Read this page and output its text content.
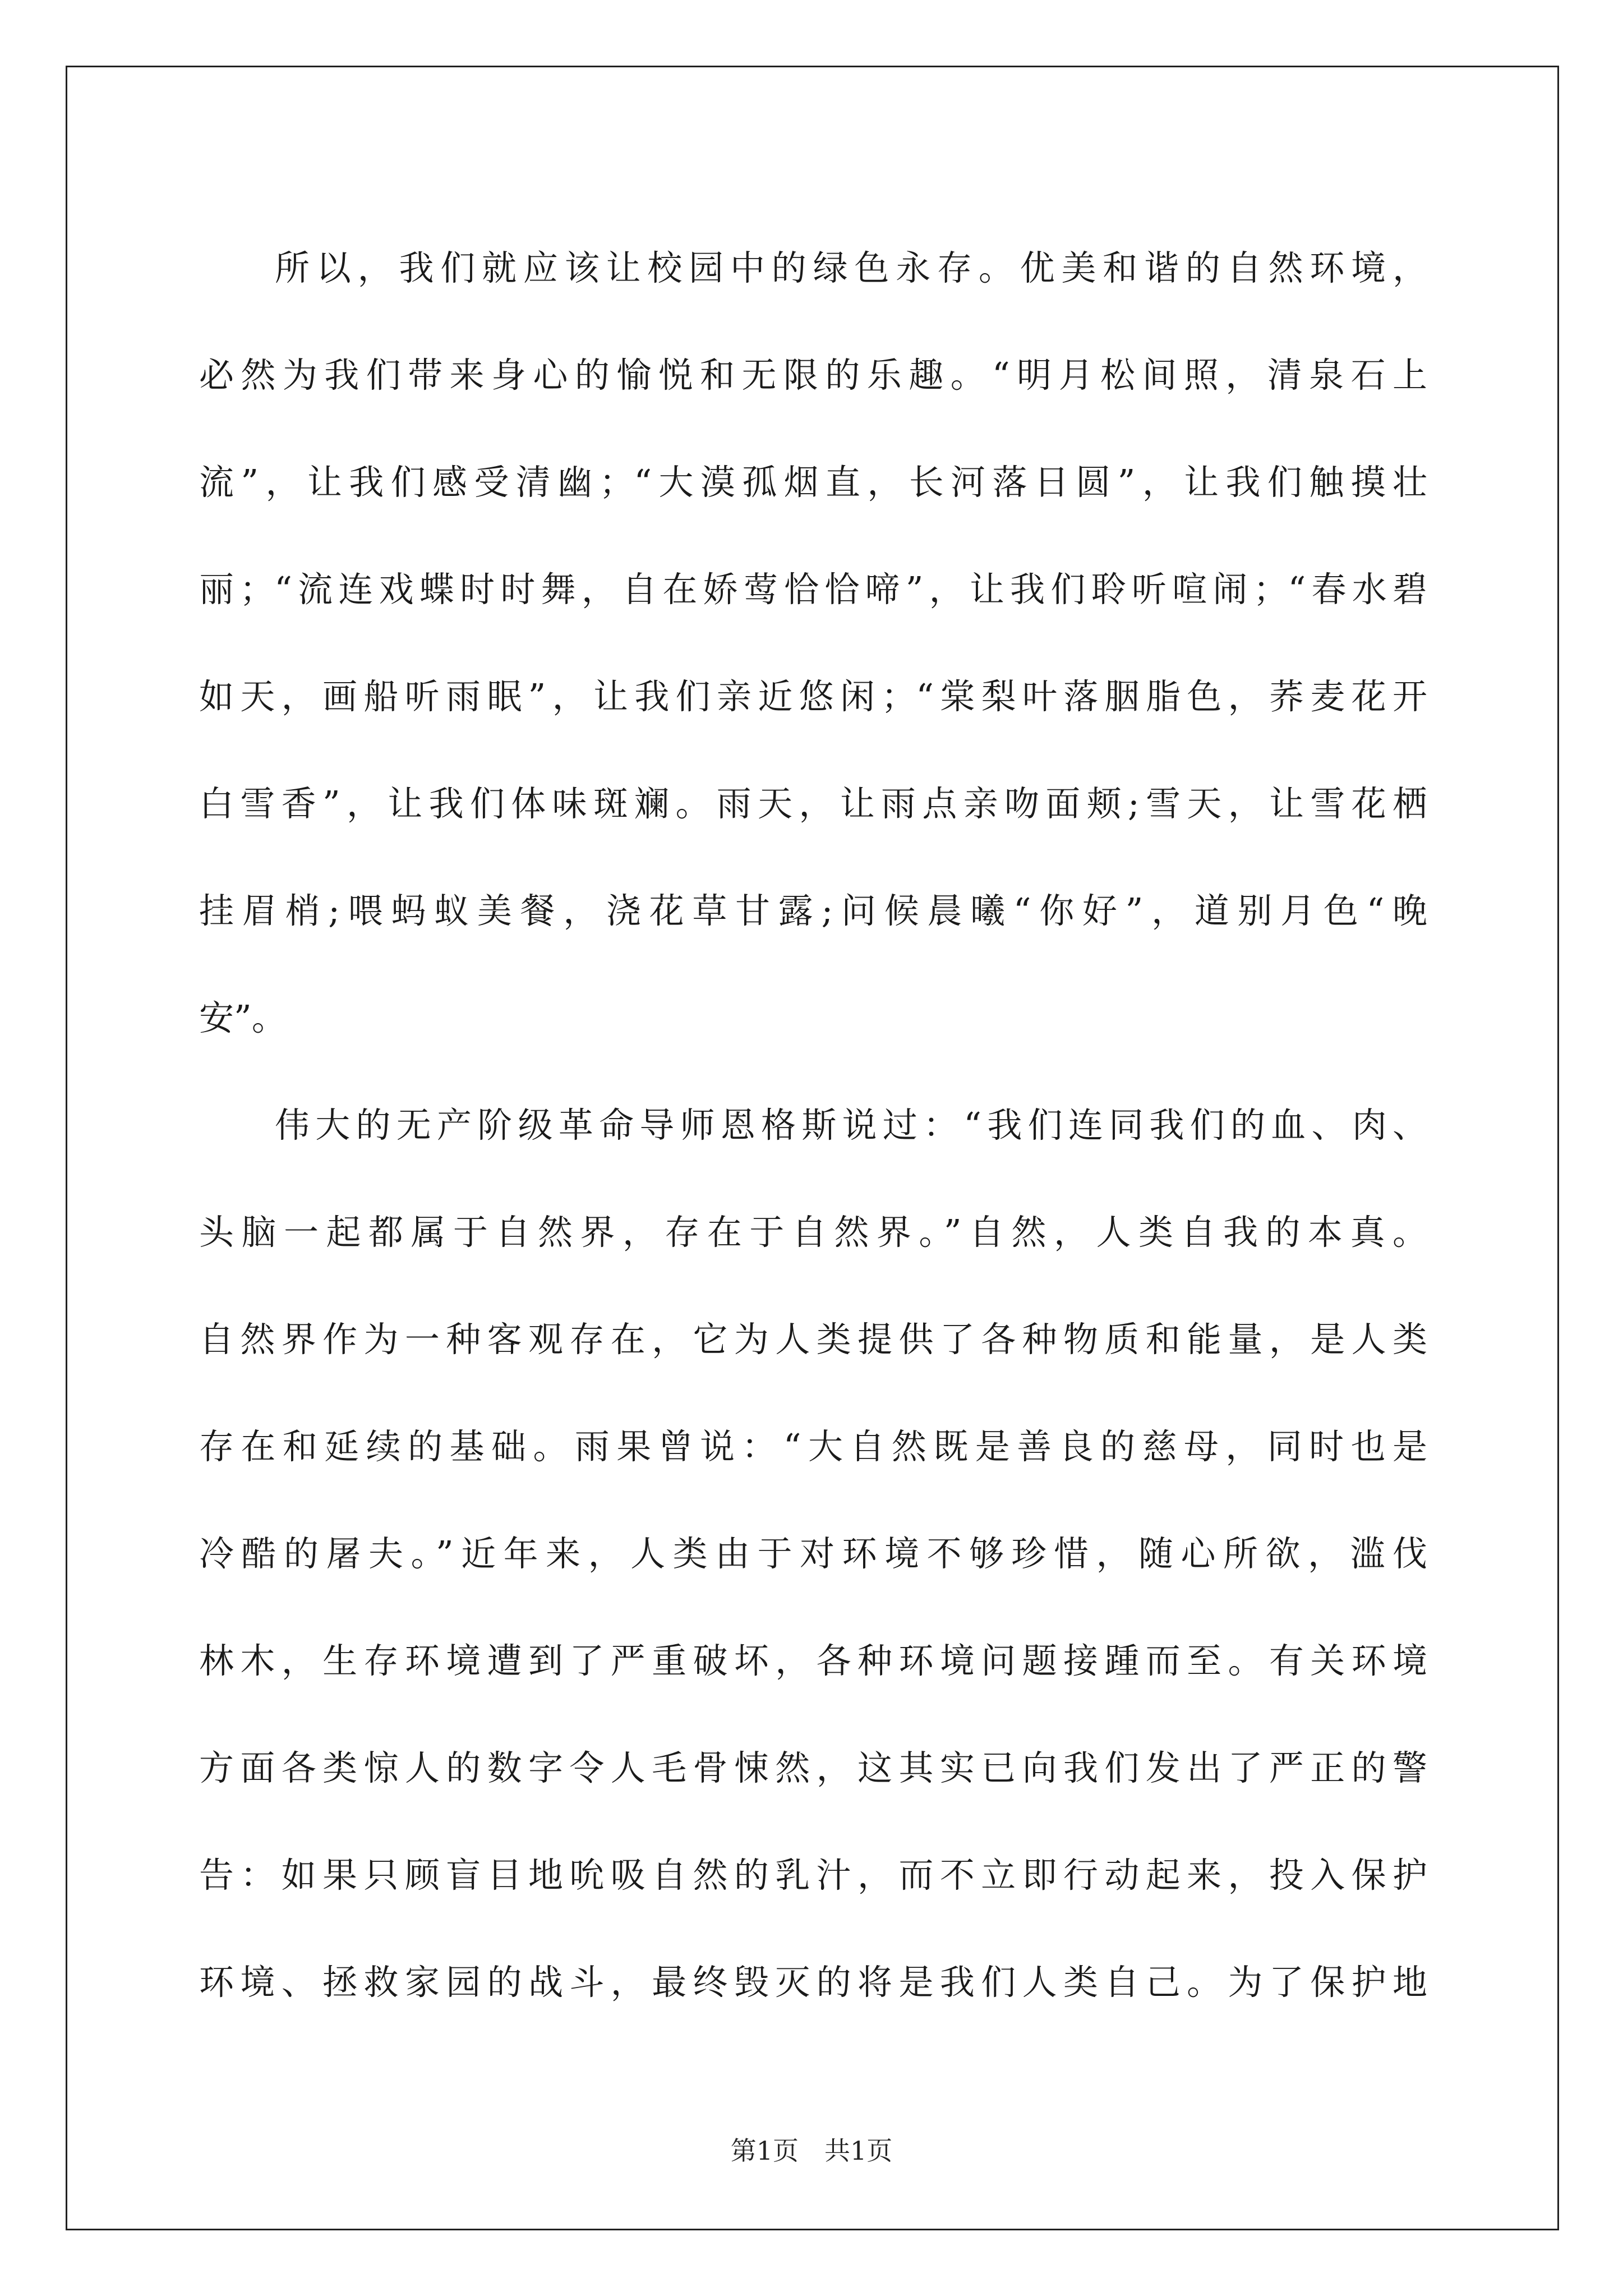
所以，我们就应该让校园中的绿色永存。优美和谐的自然环境，
必然为我们带来身心的愉悦和无限的乐趣。“明月松间照，清泉石上
流”，让我们感受清幽；“大漠孤烟直，长河落日圆”，让我们触摸壮
丽；“流连戏蝶时时舞，自在娇莺恰恰啼”，让我们聆听喧闹；“春水碧
如天，画船听雨眠”，让我们亲近悠闲；“棠梨叶落胭脂色，荞麦花开
白雪香”，让我们体味斑斓。雨天，让雨点亲吻面颊;雪天，让雪花栖
挂眉梢;喂蚂蚁美餐，浇花草甘露;问候晨曦“你好”，道别月色“晚
安”。
伟大的无产阶级革命导师恩格斯说过：“我们连同我们的血、肉、
头脑一起都属于自然界，存在于自然界。”自然，人类自我的本真。
自然界作为一种客观存在，它为人类提供了各种物质和能量，是人类
存在和延续的基础。雨果曾说：“大自然既是善良的慈母，同时也是
冷酷的屠夫。”近年来，人类由于对环境不够珍惜，随心所欲，滥伐
林木，生存环境遭到了严重破坏，各种环境问题接踵而至。有关环境
方面各类惊人的数字令人毛骨悚然，这其实已向我们发出了严正的警
告：如果只顾盲目地吮吸自然的乳汁，而不立即行动起来，投入保护
环境、拯救家园的战斗，最终毁灭的将是我们人类自己。为了保护地
第1页　共1页
